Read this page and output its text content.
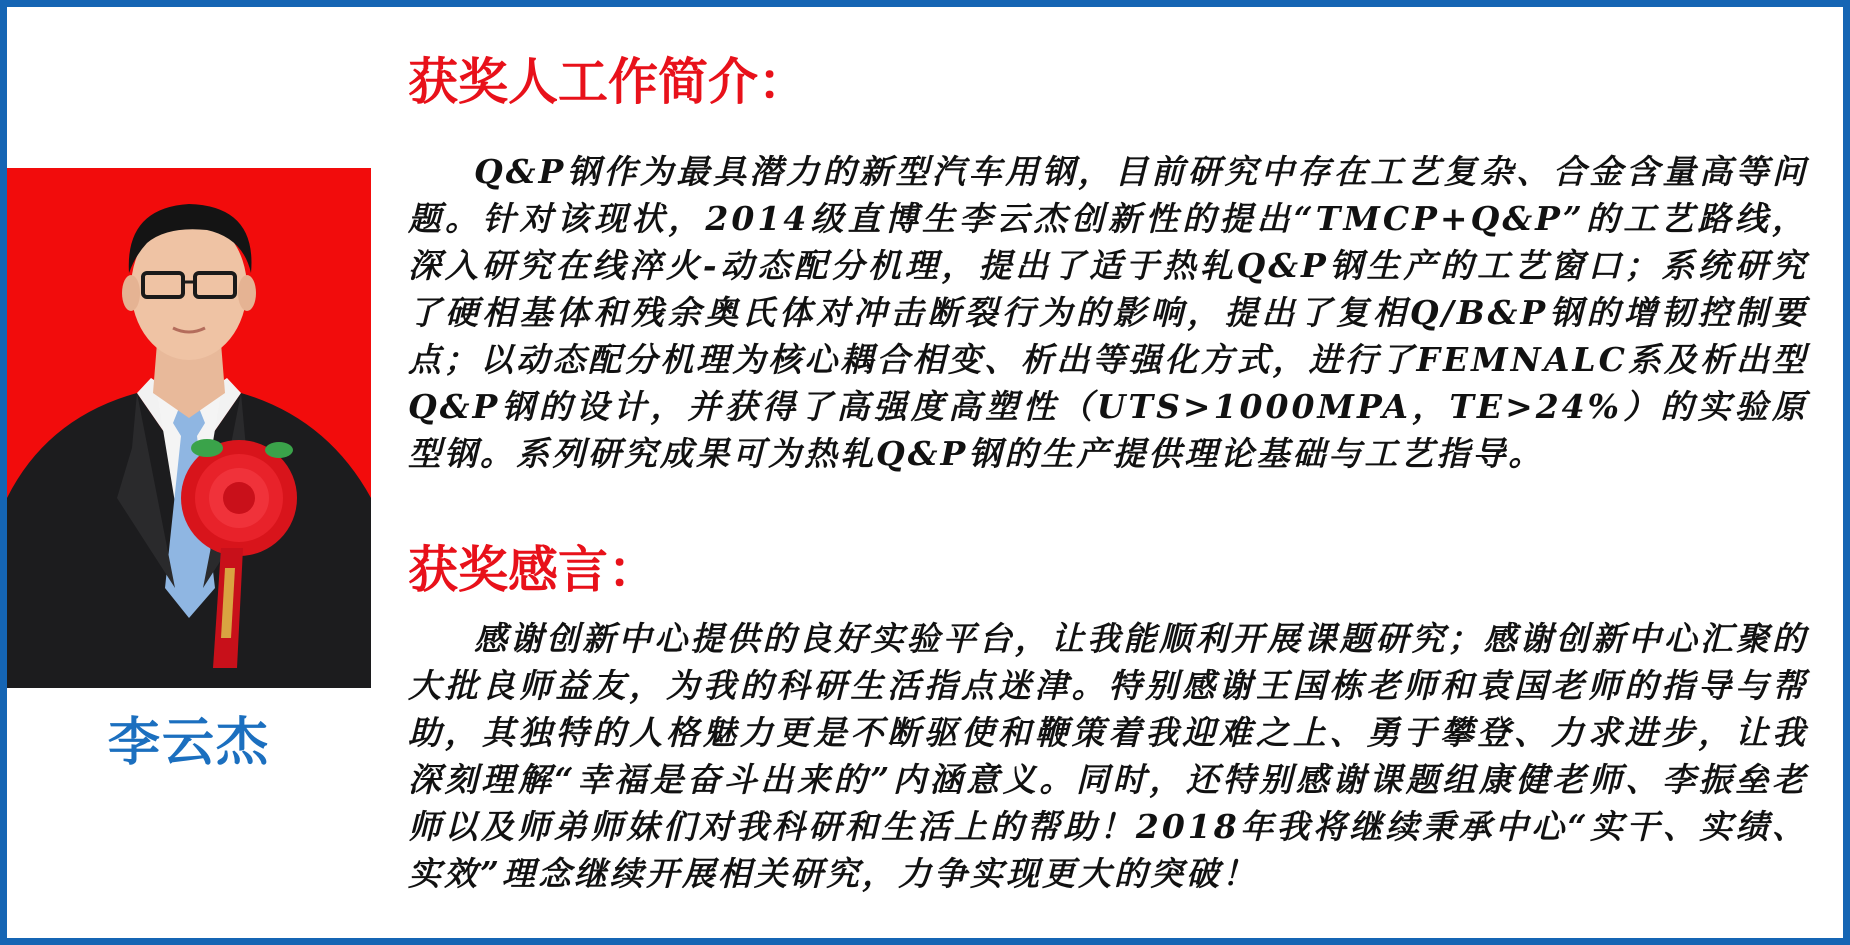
李云杰
获奖人工作简介：

Q&P钢作为最具潜力的新型汽车用钢，目前研究中存在工艺复杂、合金含量高等问题。针对该现状，2014级直博生李云杰创新性的提出“TMCP+Q&P”的工艺路线，深入研究在线淬火-动态配分机理，提出了适于热轧Q&P钢生产的工艺窗口；系统研究了硬相基体和残余奥氏体对冲击断裂行为的影响，提出了复相Q/B&P钢的增韧控制要点；以动态配分机理为核心耦合相变、析出等强化方式，进行了FEMNALC系及析出型Q&P钢的设计，并获得了高强度高塑性（UTS>1000MPA，TE>24%）的实验原型钢。系列研究成果可为热轧Q&P钢的生产提供理论基础与工艺指导。

获奖感言：

感谢创新中心提供的良好实验平台，让我能顺利开展课题研究；感谢创新中心汇聚的大批良师益友，为我的科研生活指点迷津。特别感谢王国栋老师和袁国老师的指导与帮助，其独特的人格魅力更是不断驱使和鞭策着我迎难之上、勇于攀登、力求进步，让我深刻理解“幸福是奋斗出来的”内涵意义。同时，还特别感谢课题组康健老师、李振垒老师以及师弟师妹们对我科研和生活上的帮助！2018年我将继续秉承中心“实干、实绩、实效”理念继续开展相关研究，力争实现更大的突破！
